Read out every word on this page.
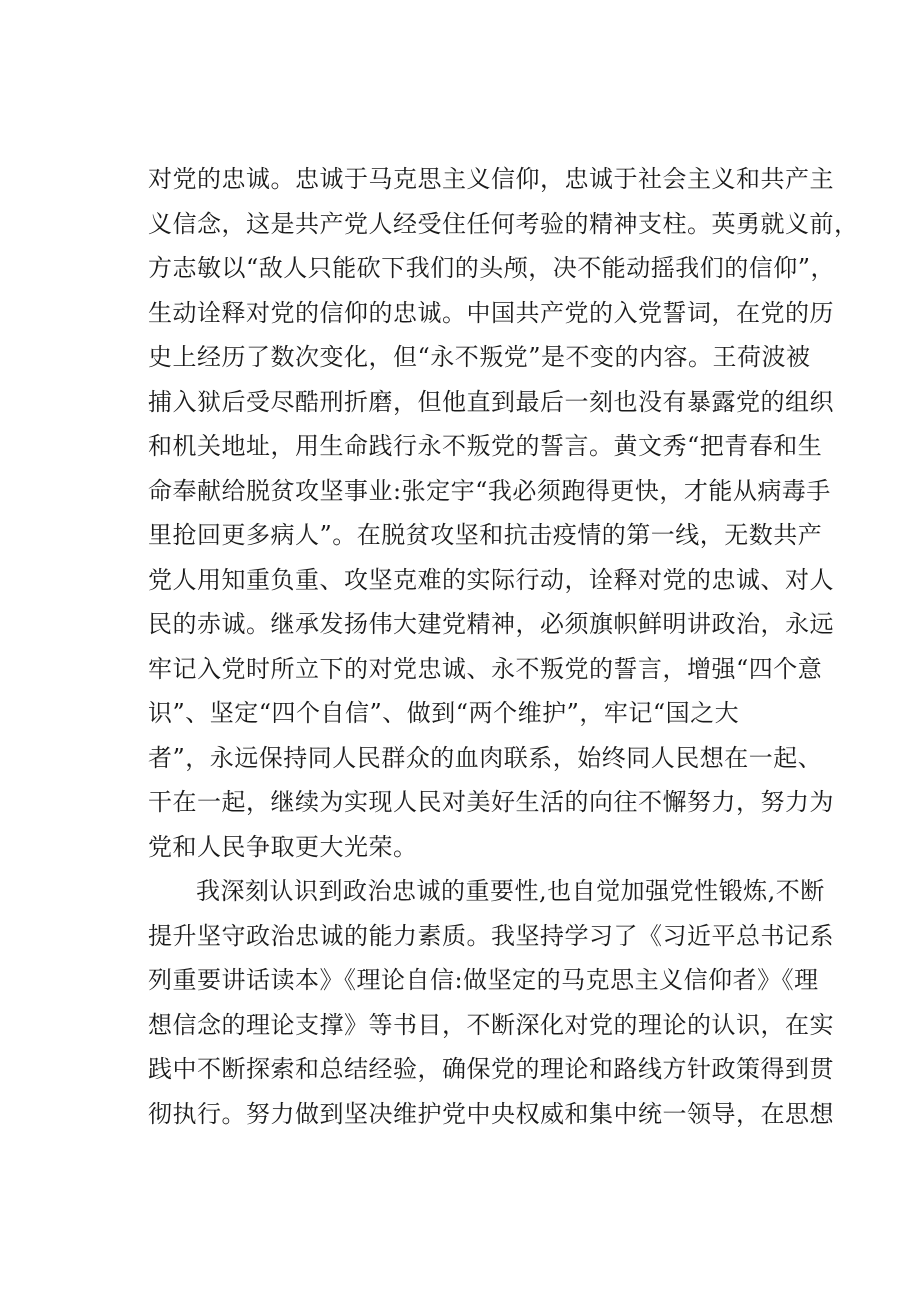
对党的忠诚。忠诚于马克思主义信仰，忠诚于社会主义和共产主
义信念，这是共产党人经受住任何考验的精神支柱。英勇就义前，
方志敏以“敌人只能砍下我们的头颅，决不能动摇我们的信仰”，
生动诠释对党的信仰的忠诚。中国共产党的入党誓词，在党的历
史上经历了数次变化，但“永不叛党”是不变的内容。王荷波被
捕入狱后受尽酷刑折磨，但他直到最后一刻也没有暴露党的组织
和机关地址，用生命践行永不叛党的誓言。黄文秀“把青春和生
命奉献给脱贫攻坚事业:张定宇“我必须跑得更快，才能从病毒手
里抢回更多病人”。在脱贫攻坚和抗击疫情的第一线，无数共产
党人用知重负重、攻坚克难的实际行动，诠释对党的忠诚、对人
民的赤诚。继承发扬伟大建党精神，必须旗帜鲜明讲政治，永远
牢记入党时所立下的对党忠诚、永不叛党的誓言，增强“四个意
识”、坚定“四个自信”、做到“两个维护”，牢记“国之大
者”，永远保持同人民群众的血肉联系，始终同人民想在一起、
干在一起，继续为实现人民对美好生活的向往不懈努力，努力为
党和人民争取更大光荣。
我深刻认识到政治忠诚的重要性,也自觉加强党性锻炼,不断
提升坚守政治忠诚的能力素质。我坚持学习了《习近平总书记系
列重要讲话读本》《理论自信:做坚定的马克思主义信仰者》《理
想信念的理论支撑》等书目，不断深化对党的理论的认识，在实
践中不断探索和总结经验，确保党的理论和路线方针政策得到贯
彻执行。努力做到坚决维护党中央权威和集中统一领导，在思想
